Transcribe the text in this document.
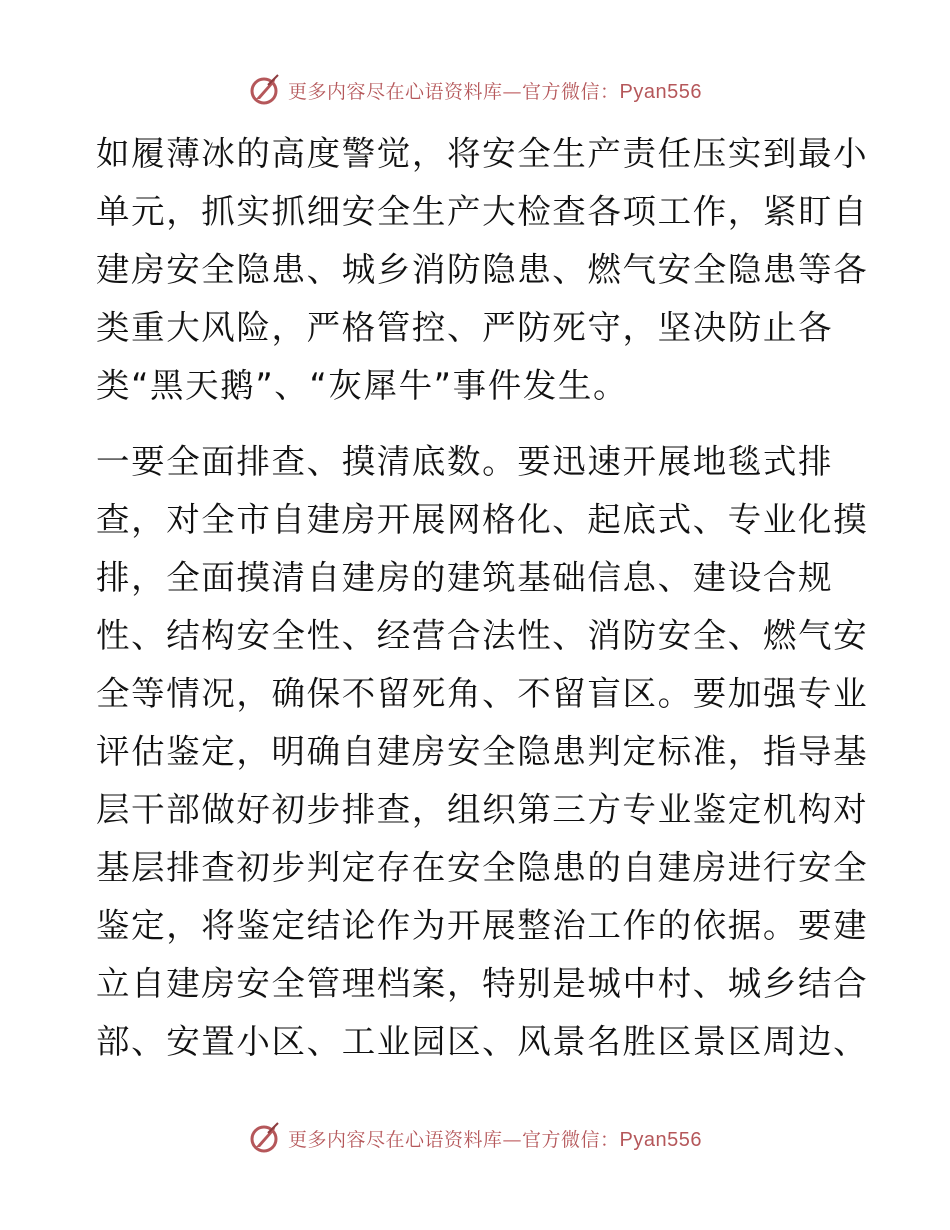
更多内容尽在心语资料库—官方微信：Pyan556
如履薄冰的高度警觉，将安全生产责任压实到最小
单元，抓实抓细安全生产大检查各项工作，紧盯自
建房安全隐患、城乡消防隐患、燃气安全隐患等各
类重大风险，严格管控、严防死守，坚决防止各
类“黑天鹅”、“灰犀牛”事件发生。
一要全面排查、摸清底数。要迅速开展地毯式排
查，对全市自建房开展网格化、起底式、专业化摸
排，全面摸清自建房的建筑基础信息、建设合规
性、结构安全性、经营合法性、消防安全、燃气安
全等情况，确保不留死角、不留盲区。要加强专业
评估鉴定，明确自建房安全隐患判定标准，指导基
层干部做好初步排查，组织第三方专业鉴定机构对
基层排查初步判定存在安全隐患的自建房进行安全
鉴定，将鉴定结论作为开展整治工作的依据。要建
立自建房安全管理档案，特别是城中村、城乡结合
部、安置小区、工业园区、风景名胜区景区周边、
更多内容尽在心语资料库—官方微信：Pyan556
